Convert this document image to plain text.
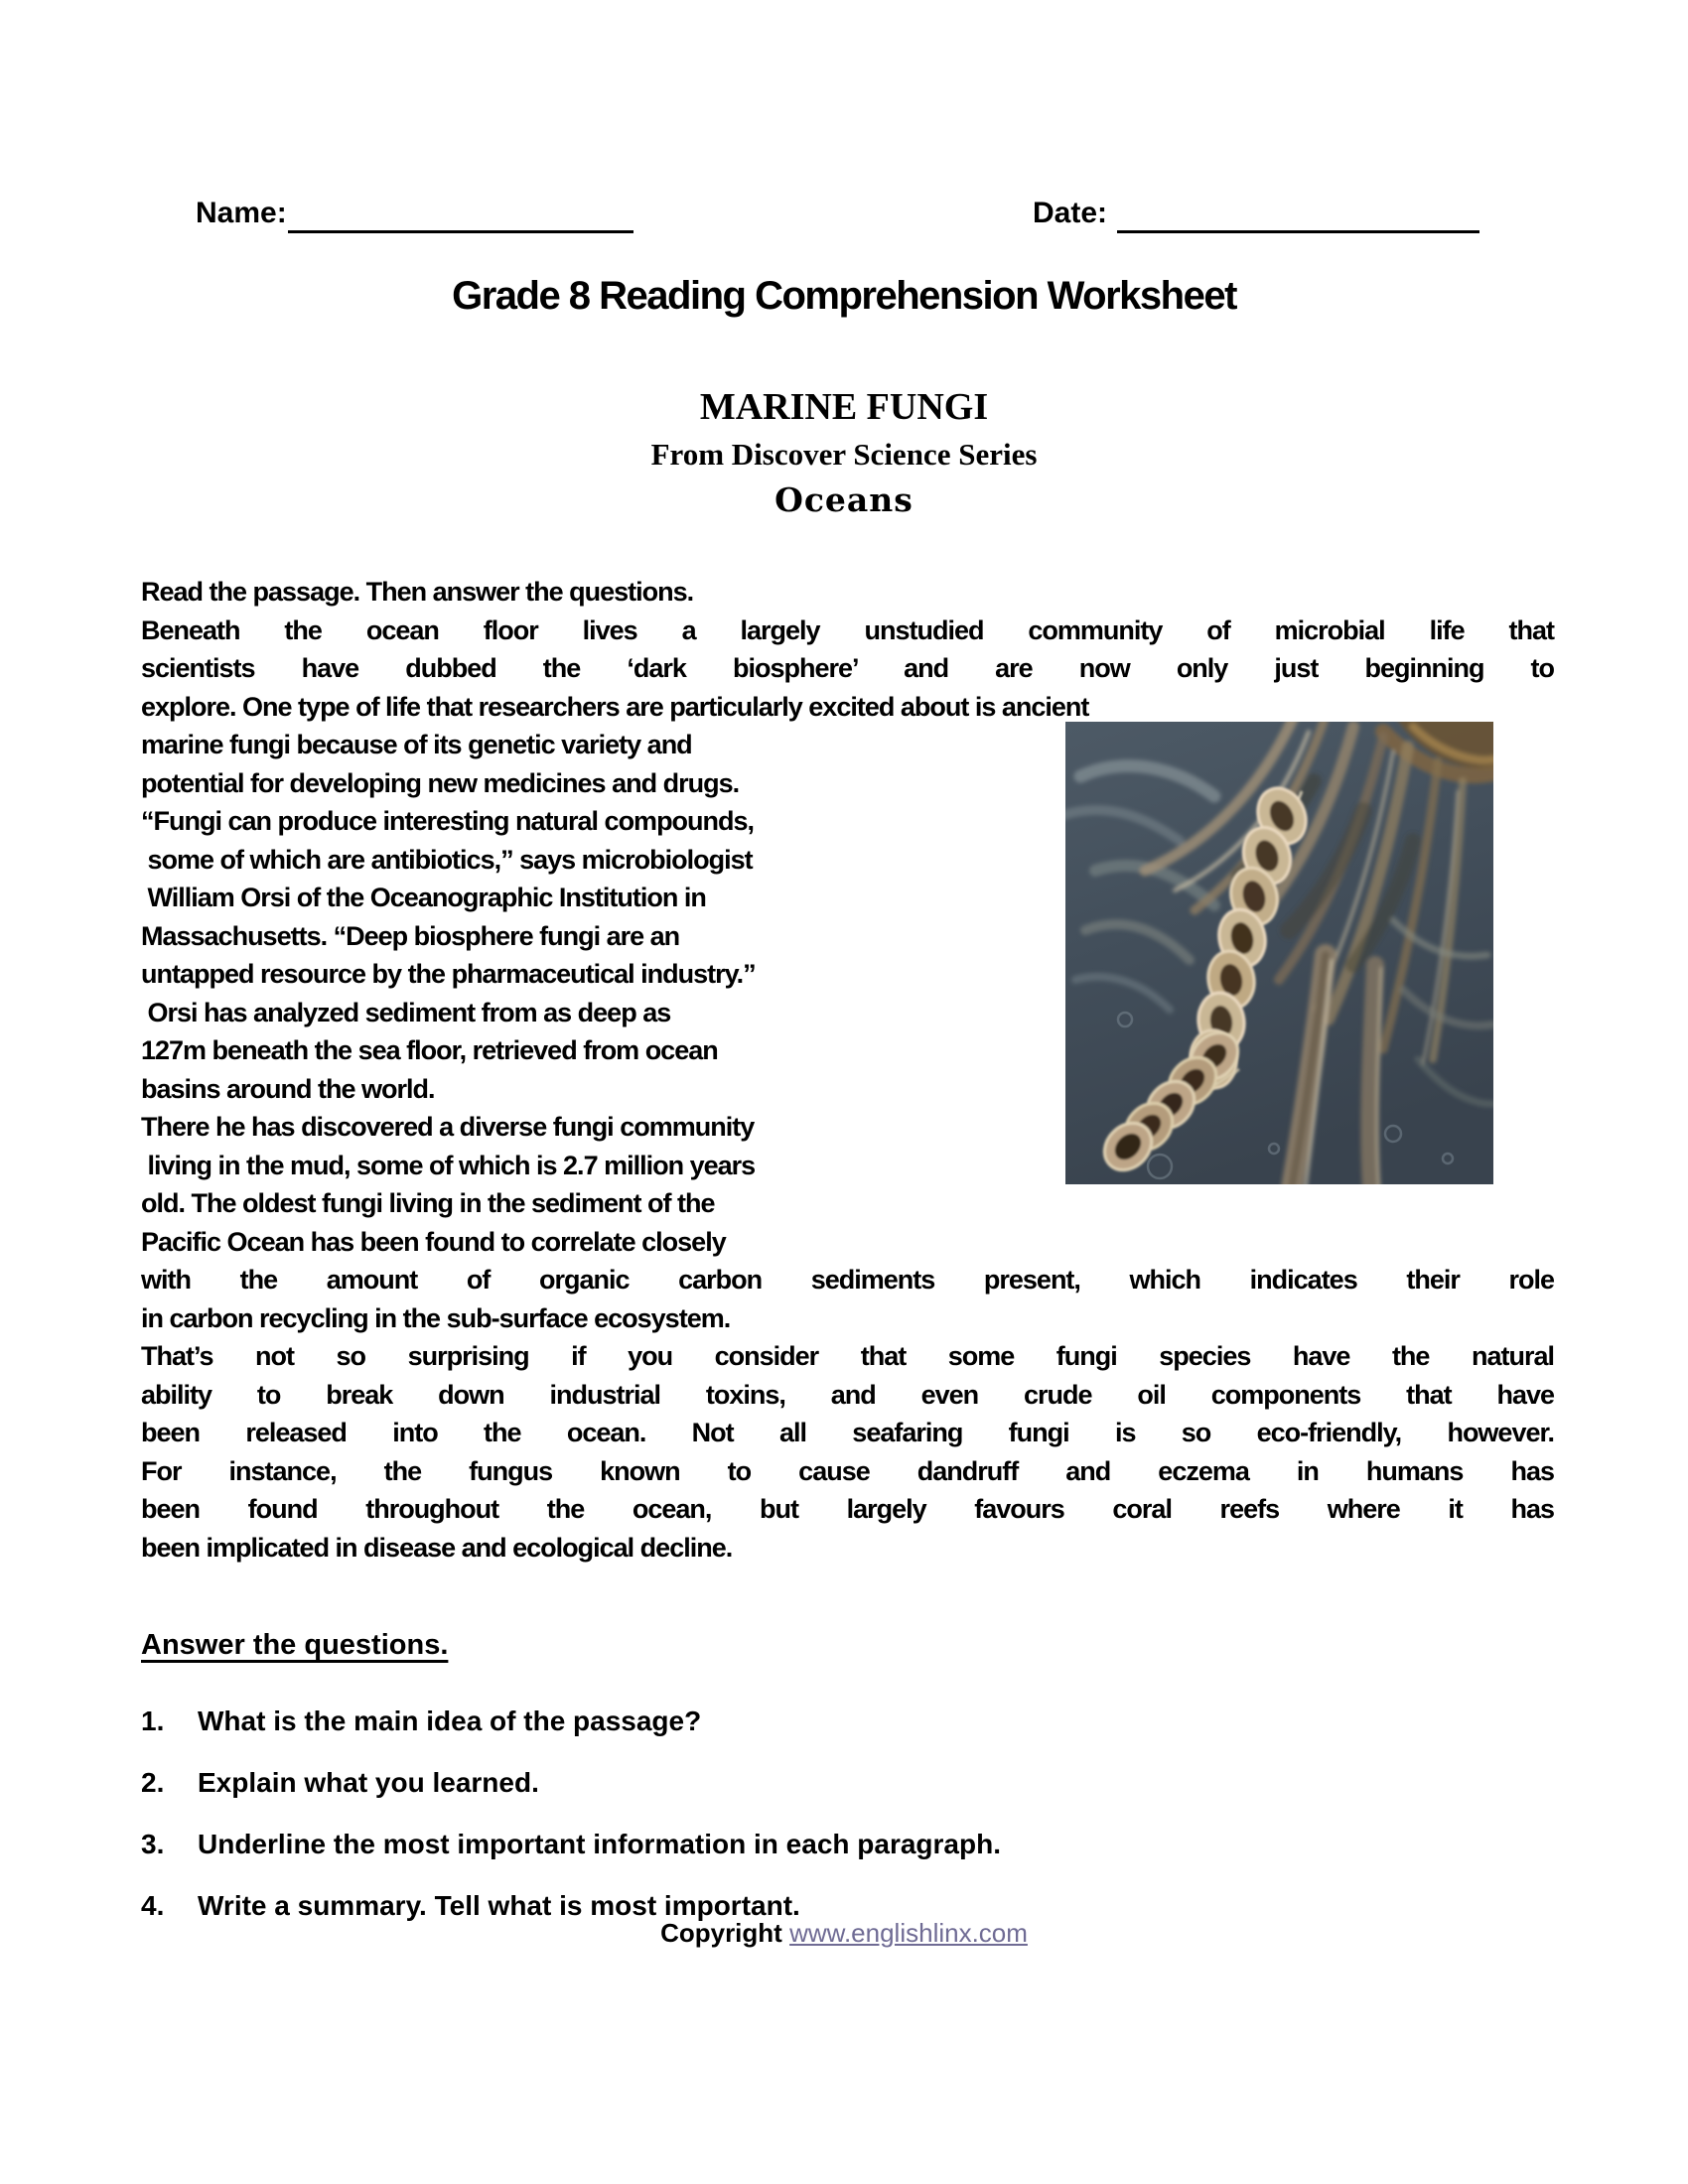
Name:	Date:
Grade 8 Reading Comprehension Worksheet
MARINE FUNGI
From Discover Science Series
Oceans
Read the passage. Then answer the questions.
Beneath the ocean floor lives a largely unstudied community of microbial life that
scientists have dubbed the ‘dark biosphere’ and are now only just beginning to
explore. One type of life that researchers are particularly excited about is ancient
marine fungi because of its genetic variety and
potential for developing new medicines and drugs.
“Fungi can produce interesting natural compounds,
some of which are antibiotics,” says microbiologist
William Orsi of the Oceanographic Institution in
Massachusetts. “Deep biosphere fungi are an
untapped resource by the pharmaceutical industry.”
Orsi has analyzed sediment from as deep as
127m beneath the sea floor, retrieved from ocean
basins around the world.
There he has discovered a diverse fungi community
living in the mud, some of which is 2.7 million years
old. The oldest fungi living in the sediment of the
Pacific Ocean has been found to correlate closely
with the amount of organic carbon sediments present, which indicates their role
in carbon recycling in the sub-surface ecosystem.
That’s not so surprising if you consider that some fungi species have the natural
ability to break down industrial toxins, and even crude oil components that have
been released into the ocean. Not all seafaring fungi is so eco-friendly, however.
For instance, the fungus known to cause dandruff and eczema in humans has
been found throughout the ocean, but largely favours coral reefs where it has
been implicated in disease and ecological decline.
Answer the questions.
1.	What is the main idea of the passage?
2.	Explain what you learned.
3.	Underline the most important information in each paragraph.
4.	Write a summary. Tell what is most important.
Copyright www.englishlinx.com
